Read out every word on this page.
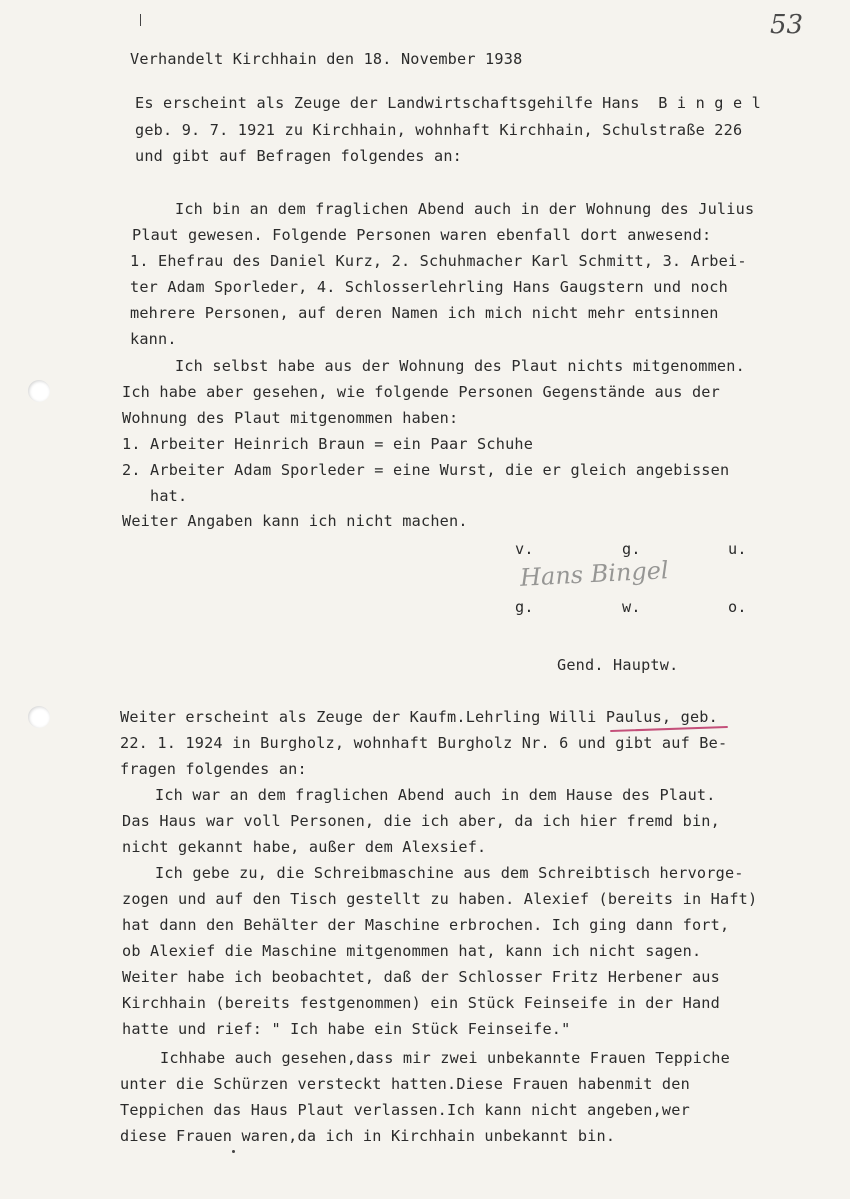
53
Verhandelt Kirchhain den 18. November 1938
Es erscheint als Zeuge der Landwirtschaftsgehilfe Hans  B i n g e l
geb. 9. 7. 1921 zu Kirchhain, wohnhaft Kirchhain, Schulstraße 226
und gibt auf Befragen folgendes an:
Ich bin an dem fraglichen Abend auch in der Wohnung des Julius
Plaut gewesen. Folgende Personen waren ebenfall dort anwesend:
1. Ehefrau des Daniel Kurz, 2. Schuhmacher Karl Schmitt, 3. Arbei-
ter Adam Sporleder, 4. Schlosserlehrling Hans Gaugstern und noch
mehrere Personen, auf deren Namen ich mich nicht mehr entsinnen
kann.
Ich selbst habe aus der Wohnung des Plaut nichts mitgenommen.
Ich habe aber gesehen, wie folgende Personen Gegenstände aus der
Wohnung des Plaut mitgenommen haben:
1. Arbeiter Heinrich Braun = ein Paar Schuhe
2. Arbeiter Adam Sporleder = eine Wurst, die er gleich angebissen
hat.
Weiter Angaben kann ich nicht machen.
v.	g.	u.
Hans Bingel
g.	w.	o.
Gend. Hauptw.
Weiter erscheint als Zeuge der Kaufm.Lehrling Willi Paulus, geb.
22. 1. 1924 in Burgholz, wohnhaft Burgholz Nr. 6 und gibt auf Be-
fragen folgendes an:
Ich war an dem fraglichen Abend auch in dem Hause des Plaut.
Das Haus war voll Personen, die ich aber, da ich hier fremd bin,
nicht gekannt habe, außer dem Alexsief.
Ich gebe zu, die Schreibmaschine aus dem Schreibtisch hervorge-
zogen und auf den Tisch gestellt zu haben. Alexief (bereits in Haft)
hat dann den Behälter der Maschine erbrochen. Ich ging dann fort,
ob Alexief die Maschine mitgenommen hat, kann ich nicht sagen.
Weiter habe ich beobachtet, daß der Schlosser Fritz Herbener aus
Kirchhain (bereits festgenommen) ein Stück Feinseife in der Hand
hatte und rief: " Ich habe ein Stück Feinseife."
Ichhabe auch gesehen,dass mir zwei unbekannte Frauen Teppiche
unter die Schürzen versteckt hatten.Diese Frauen habenmit den
Teppichen das Haus Plaut verlassen.Ich kann nicht angeben,wer
diese Frauen waren,da ich in Kirchhain unbekannt bin.
